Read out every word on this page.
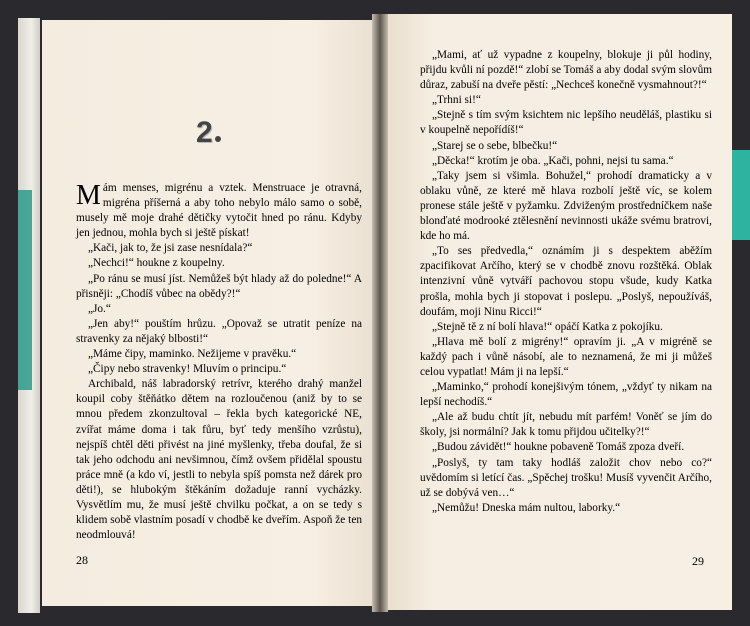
2

Mám menses, migrénu a vztek. Menstruace je otravná, migréna příšerná a aby toho nebylo málo samo o sobě, musely mě moje drahé dětičky vytočit hned po ránu. Kdyby jen jednou, mohla bych si ještě pískat!

„Kači, jak to, že jsi zase nesnídala?“

„Nechci!“ houkne z koupelny.

„Po ránu se musí jíst. Nemůžeš být hlady až do poledne!“ A přisněji: „Chodíš vůbec na obědy?!“

„Jo.“

„Jen aby!“ pouštím hrůzu. „Opovaž se utratit peníze na stravenky za nějaký blbosti!“

„Máme čipy, maminko. Nežijeme v pravěku.“

„Čipy nebo stravenky! Mluvím o principu.“

Archibald, náš labradorský retrívr, kterého drahý manžel koupil coby štěňátko dětem na rozloučenou (aniž by to se mnou předem zkonzultoval – řekla bych kategorické NE, zvířat máme doma i tak fůru, byť tedy menšího vzrůstu), nejspíš chtěl děti přivést na jiné myšlenky, třeba doufal, že si tak jeho odchodu ani nevšimnou, čímž ovšem přidělal spoustu práce mně (a kdo ví, jestli to nebyla spíš pomsta než dárek pro děti!), se hlubokým štěkáním dožaduje ranní vycházky. Vysvětlím mu, že musí ještě chvilku počkat, a on se tedy s klidem sobě vlastním posadí v chodbě ke dveřím. Aspoň že ten neodmlouvá!

„Mami, ať už vypadne z koupelny, blokuje ji půl hodiny, přijdu kvůli ní pozdě!“ zlobí se Tomáš a aby dodal svým slovům důraz, zabuší na dveře pěstí: „Nechceš konečně vysmahnout?!“

„Trhni si!“

„Stejně s tím svým ksichtem nic lepšího neuděláš, plastiku si v koupelně nepořídíš!“

„Starej se o sebe, blbečku!“

„Děcka!“ krotím je oba. „Kači, pohni, nejsi tu sama.“

„Taky jsem si všimla. Bohužel,“ prohodí dramaticky a v oblaku vůně, ze které mě hlava rozbolí ještě víc, se kolem pronese stále ještě v pyžamku. Zdviženým prostředníčkem naše blonďaté modrooké ztělesnění nevinnosti ukáže svému bratrovi, kde ho má.

„To ses předvedla,“ oznámím ji s despektem aběžím zpacifikovat Arčího, který se v chodbě znovu rozštěká. Oblak intenzivní vůně vytváří pachovou stopu všude, kudy Katka prošla, mohla bych ji stopovat i poslepu. „Poslyš, nepoužíváš, doufám, moji Ninu Ricci!“

„Stejně tě z ní bolí hlava!“ opáčí Katka z pokojíku.

„Hlava mě bolí z migrény!“ opravím ji. „A v migréně se každý pach i vůně násobí, ale to neznamená, že mi ji můžeš celou vypatlat! Mám ji na lepší.“

„Maminko,“ prohodí konejšivým tónem, „vždyť ty nikam na lepší nechodíš.“

„Ale až budu chtít jít, nebudu mít parfém! Voněť se jím do školy, jsi normální? Jak k tomu přijdou učitelky?!“

„Budou závidět!“ houkne pobaveně Tomáš zpoza dveří.

„Poslyš, ty tam taky hodláš založit chov nebo co?“ uvědomím si letící čas. „Spěchej trošku! Musíš vyvenčit Arčího, už se dobývá ven…“

„Nemůžu! Dneska mám nultou, laborky.“

28	29
